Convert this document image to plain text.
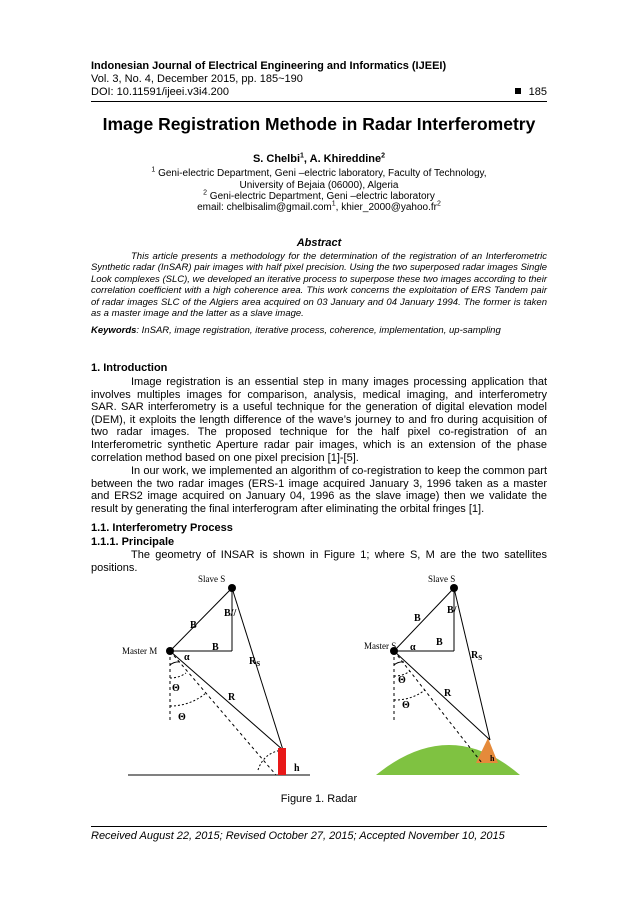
Indonesian Journal of Electrical Engineering and Informatics (IJEEI)
Vol. 3, No. 4, December 2015, pp. 185~190
DOI: 10.11591/ijeei.v3i4.200	185
Image Registration Methode in Radar Interferometry
S. Chelbi$^1$, A. Khireddine$^2$
$^1$ Geni-electric Department, Geni –electric laboratory, Faculty of Technology,
University of Bejaia (06000), Algeria
$^2$ Geni-electric Department, Geni –electric laboratory
email: chelbisalim@gmail.com$^1$, $khier\_2000@yahoo.fr^2$
Abstract
This article presents a methodology for the determination of the registration of an Interferometric Synthetic radar (InSAR) pair images with half pixel precision. Using the two superposed radar images Single Look complexes (SLC), we developed an iterative process to superpose these two images according to their correlation coefficient with a high coherence area. This work concerns the exploitation of ERS Tandem pair of radar images SLC of the Algiers area acquired on 03 January and 04 January 1994. The former is taken as a master image and the latter as a slave image.
Keywords: InSAR, image registration, iterative process, coherence, implementation, up-sampling
1. Introduction
Image registration is an essential step in many images processing application that involves multiples images for comparison, analysis, medical imaging, and interferometry SAR. SAR interferometry is a useful technique for the generation of digital elevation model (DEM), it exploits the length difference of the wave’s journey to and fro during acquisition of two radar images. The proposed technique for the half pixel co-registration of an Interferometric synthetic Aperture radar pair images, which is an extension of the phase correlation method based on one pixel precision [1]-[5].
In our work, we implemented an algorithm of co-registration to keep the common part between the two radar images (ERS-1 image acquired January 3, 1996 taken as a master and ERS2 image acquired on January 04, 1996 as the slave image) then we validate the result by generating the final interferogram after eliminating the orbital fringes [1].
1.1. Interferometry Process
1.1.1. Principale
The geometry of INSAR is shown in Figure 1; where S, M are the two satellites positions.
Slave S
Master M
B
B//
B
α	$R_S$
R
Θ
Θ
h
Slave S
Master S
B
B/
B
α
$R_S$
R
Θ
Θ
h
Figure 1. Radar
Received August 22, 2015; Revised October 27, 2015; Accepted November 10, 2015
